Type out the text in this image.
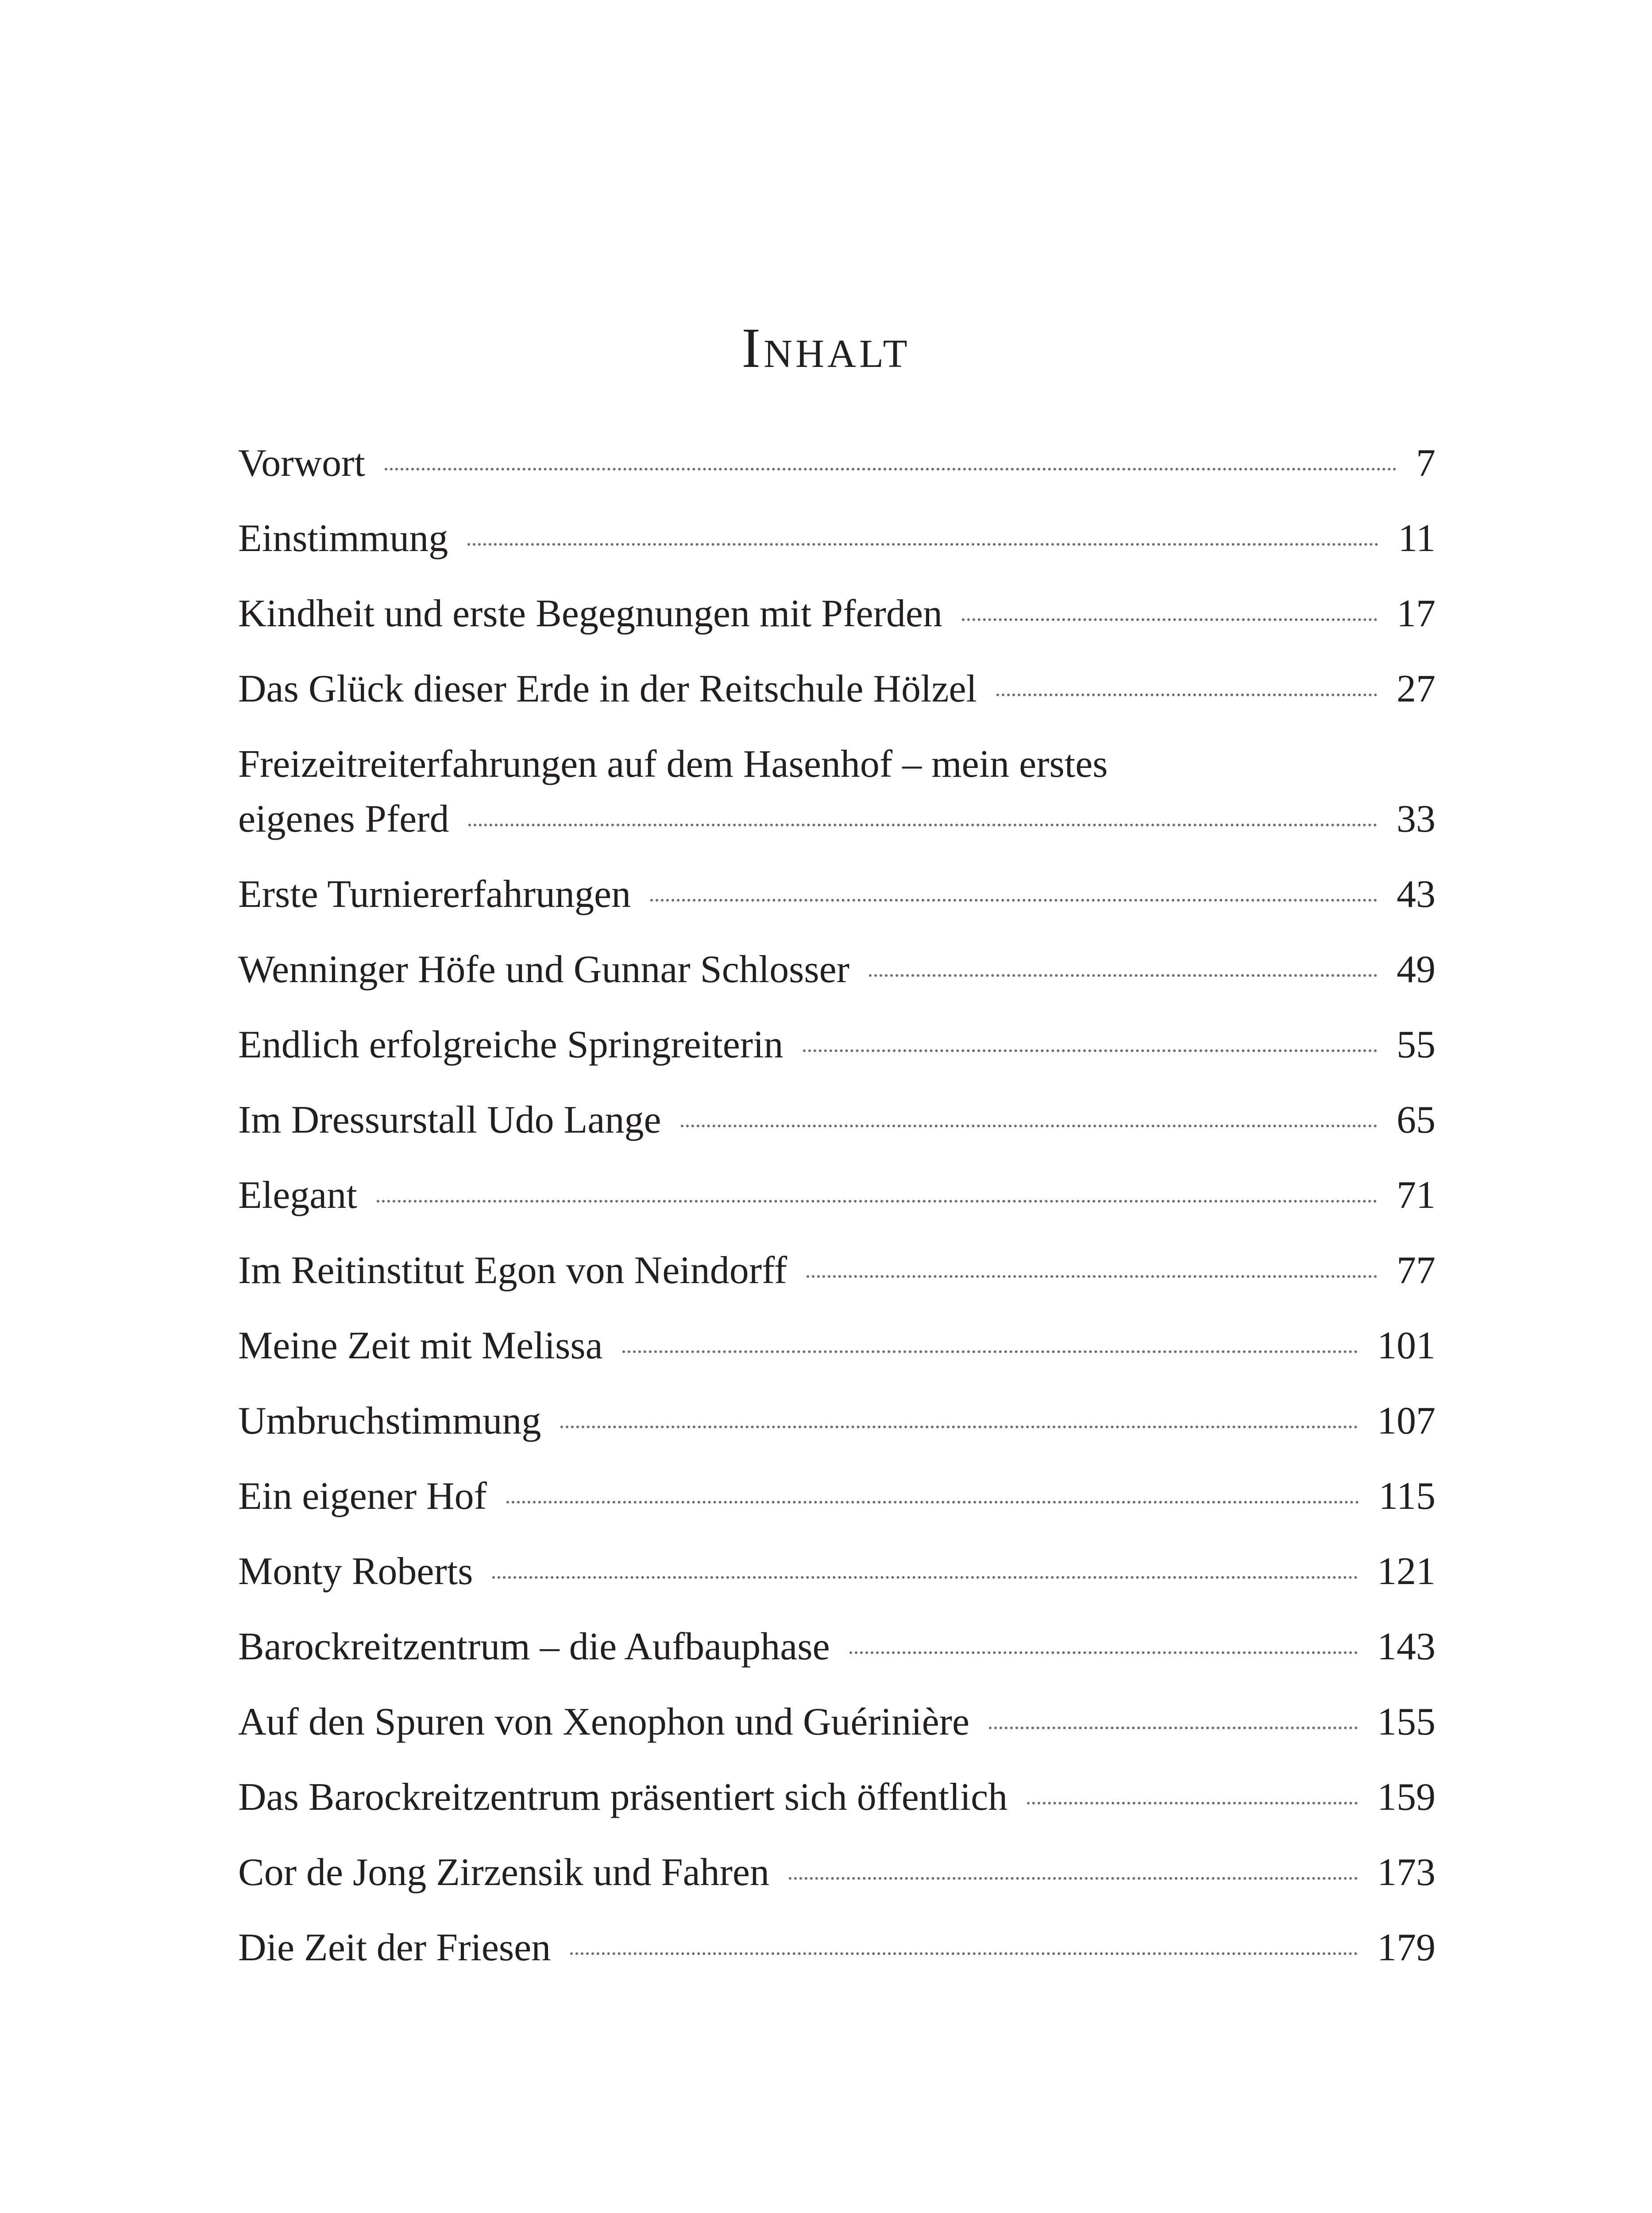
Inhalt
Vorwort	7
Einstimmung	11
Kindheit und erste Begegnungen mit Pferden	17
Das Glück dieser Erde in der Reitschule Hölzel	27
Freizeitreiterfahrungen auf dem Hasenhof – mein erstes
eigenes Pferd	33
Erste Turniererfahrungen	43
Wenninger Höfe und Gunnar Schlosser	49
Endlich erfolgreiche Springreiterin	55
Im Dressurstall Udo Lange	65
Elegant	71
Im Reitinstitut Egon von Neindorff	77
Meine Zeit mit Melissa	101
Umbruchstimmung	107
Ein eigener Hof	115
Monty Roberts	121
Barockreitzentrum – die Aufbauphase	143
Auf den Spuren von Xenophon und Guérinière	155
Das Barockreitzentrum präsentiert sich öffentlich	159
Cor de Jong Zirzensik und Fahren	173
Die Zeit der Friesen	179
